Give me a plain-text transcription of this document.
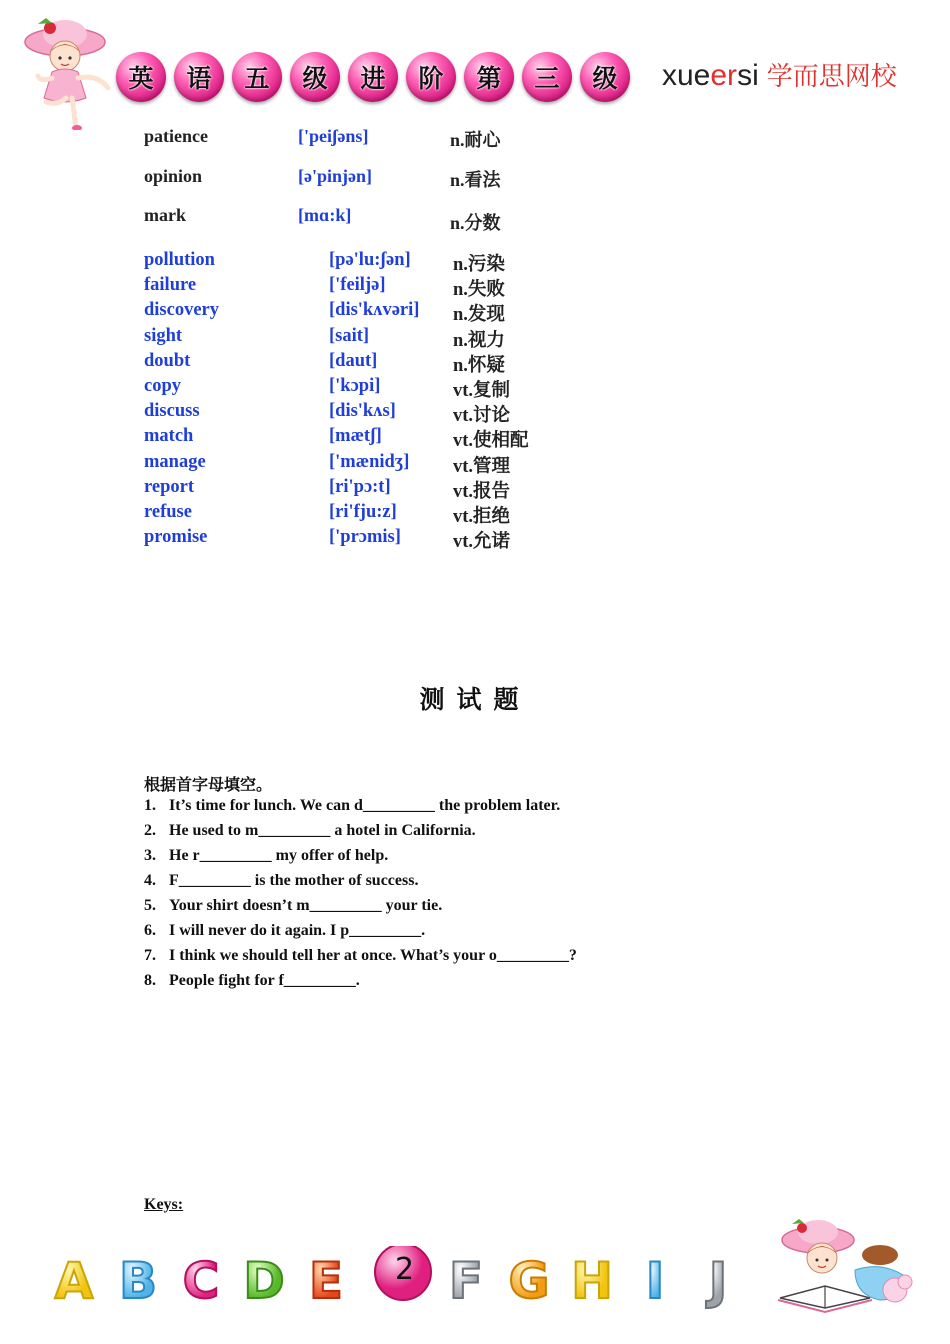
英	语	五	级	进	阶	第	三	级	xueersi 学而思网校
patience	['peiʃəns]	n.耐心
opinion	[ə'pinjən]	n.看法
mark	[mɑ:k]	n.分数
pollution	[pə'lu:ʃən] n.污染
failure	['feiljə]	n.失败
discovery	[dis'kʌvəri] n.发现
sight	[sait]	n.视力
doubt	[daut]	n.怀疑
copy	['kɔpi]	vt.复制
discuss	[dis'kʌs]	vt.讨论
match	[mætʃ]	vt.使相配
manage	['mænidʒ] vt.管理
report	[ri'pɔ:t]	vt.报告
refuse	[ri'fju:z]	vt.拒绝
promise	['prɔmis]	vt.允诺
测试题
根据首字母填空。
1. It’s time for lunch. We can d_________ the problem later.
2. He used to m_________ a hotel in California.
3. He r_________ my offer of help.
4. F_________ is the mother of success.
5. Your shirt doesn’t m_________ your tie.
6. I will never do it again. I p_________.
7. I think we should tell her at once. What’s your o_________?
8. People fight for f_________.
Keys:
A B C D E F G H I J
2
